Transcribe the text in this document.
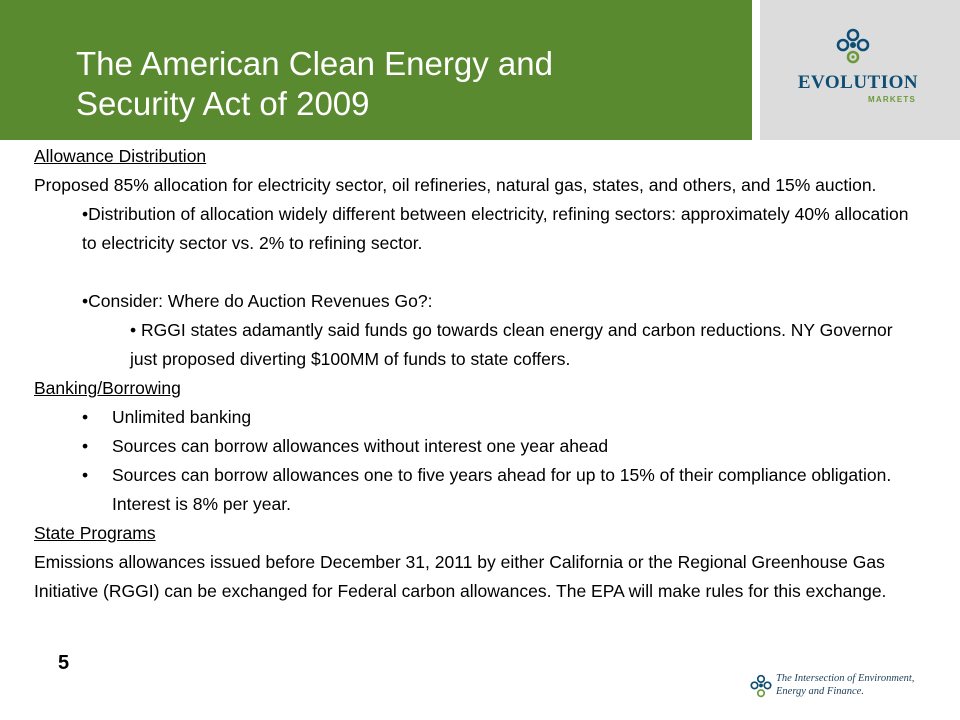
The American Clean Energy and
Security Act of 2009
EVOLUTION
MARKETS
Allowance Distribution
Proposed 85% allocation for electricity sector, oil refineries, natural gas, states, and others, and 15% auction.
•Distribution of allocation widely different between electricity, refining sectors: approximately 40% allocation to electricity sector vs. 2% to refining sector.
•Consider: Where do Auction Revenues Go?:
• RGGI states adamantly said funds go towards clean energy and carbon reductions. NY Governor just proposed diverting $100MM of funds to state coffers.
Banking/Borrowing
•	Unlimited banking
•	Sources can borrow allowances without interest one year ahead
•	Sources can borrow allowances one to five years ahead for up to 15% of their compliance obligation. Interest is 8% per year.
State Programs
Emissions allowances issued before December 31, 2011 by either California or the Regional Greenhouse Gas Initiative (RGGI) can be exchanged for Federal carbon allowances. The EPA will make rules for this exchange.
5
The Intersection of Environment,
Energy and Finance.
